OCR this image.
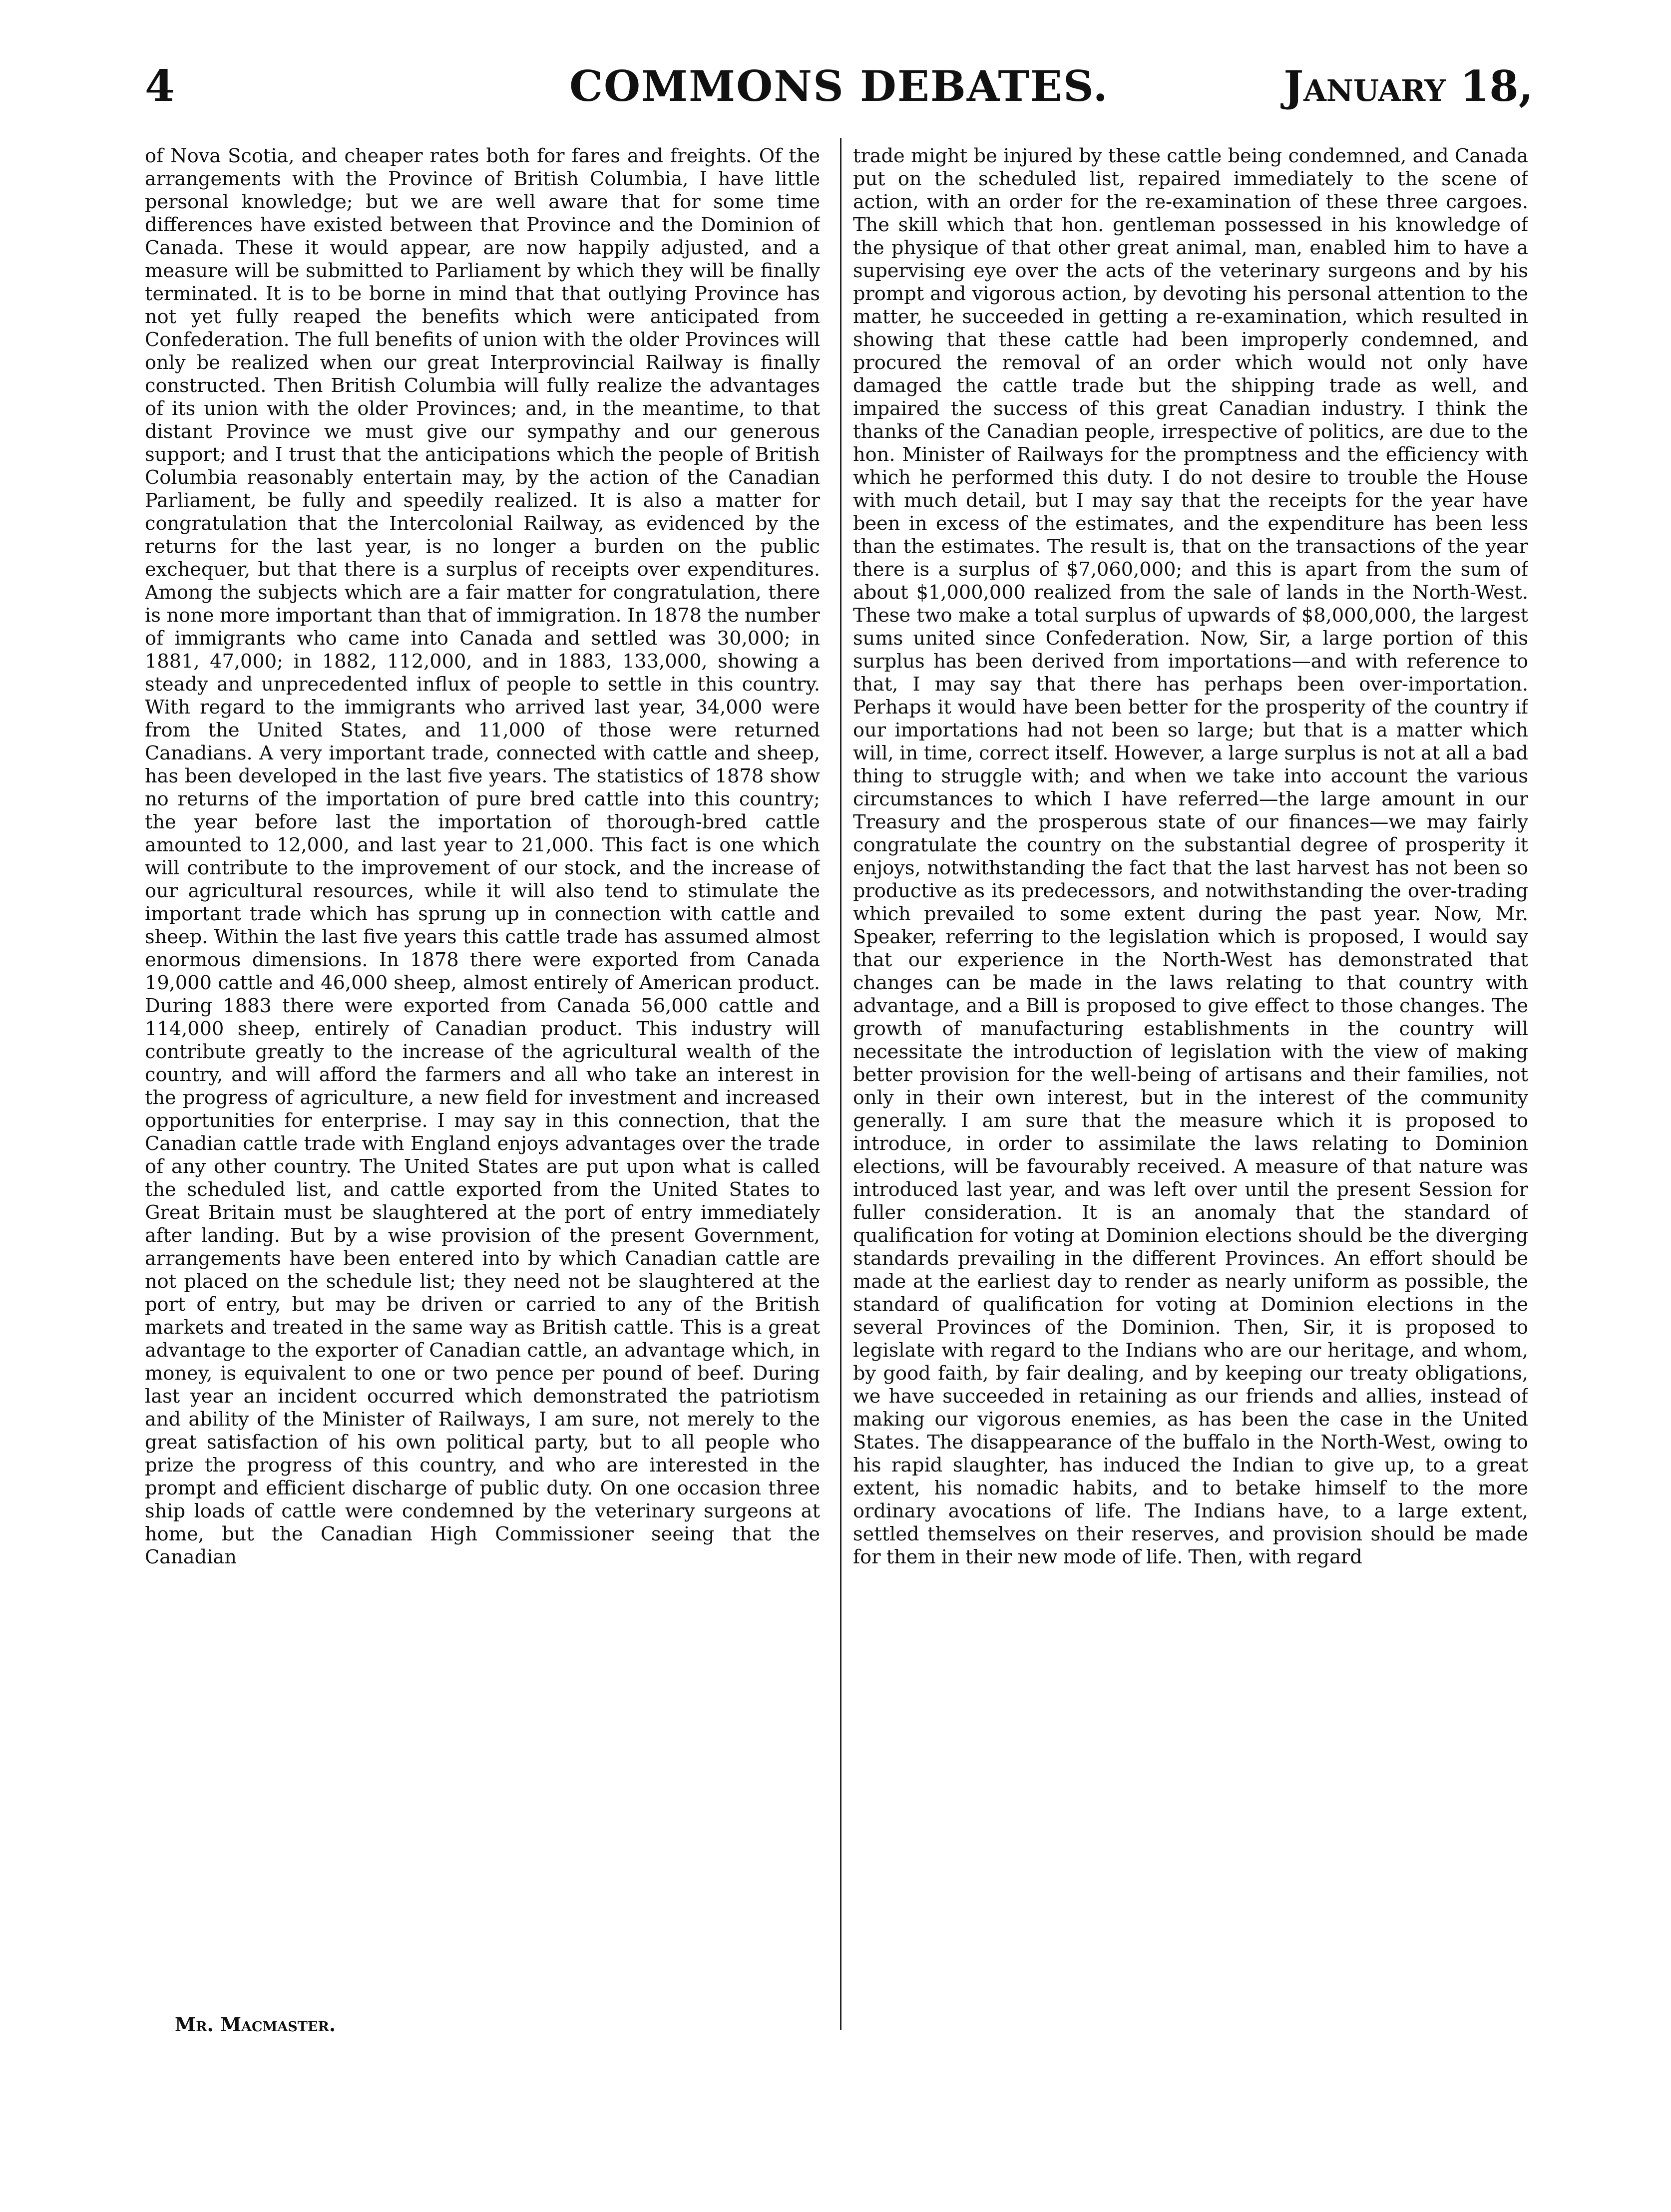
4	COMMONS DEBATES.	January 18,

of Nova Scotia, and cheaper rates both for fares and freights. Of the arrangements with the Province of British Columbia, I have little personal knowledge; but we are well aware that for some time differences have existed between that Province and the Dominion of Canada. These it would appear, are now happily adjusted, and a measure will be submitted to Parliament by which they will be finally terminated. It is to be borne in mind that that outlying Province has not yet fully reaped the benefits which were anticipated from Confederation. The full benefits of union with the older Provinces will only be realized when our great Interprovincial Railway is finally constructed. Then British Columbia will fully realize the advantages of its union with the older Provinces; and, in the meantime, to that distant Province we must give our sympathy and our generous support; and I trust that the anticipations which the people of British Columbia reasonably entertain may, by the action of the Canadian Parliament, be fully and speedily realized. It is also a matter for congratulation that the Intercolonial Railway, as evidenced by the returns for the last year, is no longer a burden on the public exchequer, but that there is a surplus of receipts over expenditures. Among the subjects which are a fair matter for congratulation, there is none more important than that of immigration. In 1878 the number of immigrants who came into Canada and settled was 30,000; in 1881, 47,000; in 1882, 112,000, and in 1883, 133,000, showing a steady and unprecedented influx of people to settle in this country. With regard to the immigrants who arrived last year, 34,000 were from the United States, and 11,000 of those were returned Canadians. A very important trade, connected with cattle and sheep, has been developed in the last five years. The statistics of 1878 show no returns of the importation of pure bred cattle into this country; the year before last the importation of thorough-bred cattle amounted to 12,000, and last year to 21,000. This fact is one which will contribute to the improvement of our stock, and the increase of our agricultural resources, while it will also tend to stimulate the important trade which has sprung up in connection with cattle and sheep. Within the last five years this cattle trade has assumed almost enormous dimensions. In 1878 there were exported from Canada 19,000 cattle and 46,000 sheep, almost entirely of American product. During 1883 there were exported from Canada 56,000 cattle and 114,000 sheep, entirely of Canadian product. This industry will contribute greatly to the increase of the agricultural wealth of the country, and will afford the farmers and all who take an interest in the progress of agriculture, a new field for investment and increased opportunities for enterprise. I may say in this connection, that the Canadian cattle trade with England enjoys advantages over the trade of any other country. The United States are put upon what is called the scheduled list, and cattle exported from the United States to Great Britain must be slaughtered at the port of entry immediately after landing. But by a wise provision of the present Government, arrangements have been entered into by which Canadian cattle are not placed on the schedule list; they need not be slaughtered at the port of entry, but may be driven or carried to any of the British markets and treated in the same way as British cattle. This is a great advantage to the exporter of Canadian cattle, an advantage which, in money, is equivalent to one or two pence per pound of beef. During last year an incident occurred which demonstrated the patriotism and ability of the Minister of Railways, I am sure, not merely to the great satisfaction of his own political party, but to all people who prize the progress of this country, and who are interested in the prompt and efficient discharge of public duty. On one occasion three ship loads of cattle were condemned by the veterinary surgeons at home, but the Canadian High Commissioner seeing that the Canadian

trade might be injured by these cattle being condemned, and Canada put on the scheduled list, repaired immediately to the scene of action, with an order for the re-examination of these three cargoes. The skill which that hon. gentleman possessed in his knowledge of the physique of that other great animal, man, enabled him to have a supervising eye over the acts of the veterinary surgeons and by his prompt and vigorous action, by devoting his personal attention to the matter, he succeeded in getting a re-examination, which resulted in showing that these cattle had been improperly condemned, and procured the removal of an order which would not only have damaged the cattle trade but the shipping trade as well, and impaired the success of this great Canadian industry. I think the thanks of the Canadian people, irrespective of politics, are due to the hon. Minister of Railways for the promptness and the efficiency with which he performed this duty. I do not desire to trouble the House with much detail, but I may say that the receipts for the year have been in excess of the estimates, and the expenditure has been less than the estimates. The result is, that on the transactions of the year there is a surplus of $7,060,000; and this is apart from the sum of about $1,000,000 realized from the sale of lands in the North-West. These two make a total surplus of upwards of $8,000,000, the largest sums united since Confederation. Now, Sir, a large portion of this surplus has been derived from importations—and with reference to that, I may say that there has perhaps been over-importation. Perhaps it would have been better for the prosperity of the country if our importations had not been so large; but that is a matter which will, in time, correct itself. However, a large surplus is not at all a bad thing to struggle with; and when we take into account the various circumstances to which I have referred—the large amount in our Treasury and the prosperous state of our finances—we may fairly congratulate the country on the substantial degree of prosperity it enjoys, notwithstanding the fact that the last harvest has not been so productive as its predecessors, and notwithstanding the over-trading which prevailed to some extent during the past year. Now, Mr. Speaker, referring to the legislation which is proposed, I would say that our experience in the North-West has demonstrated that changes can be made in the laws relating to that country with advantage, and a Bill is proposed to give effect to those changes. The growth of manufacturing establishments in the country will necessitate the introduction of legislation with the view of making better provision for the well-being of artisans and their families, not only in their own interest, but in the interest of the community generally. I am sure that the measure which it is proposed to introduce, in order to assimilate the laws relating to Dominion elections, will be favourably received. A measure of that nature was introduced last year, and was left over until the present Session for fuller consideration. It is an anomaly that the standard of qualification for voting at Dominion elections should be the diverging standards prevailing in the different Provinces. An effort should be made at the earliest day to render as nearly uniform as possible, the standard of qualification for voting at Dominion elections in the several Provinces of the Dominion. Then, Sir, it is proposed to legislate with regard to the Indians who are our heritage, and whom, by good faith, by fair dealing, and by keeping our treaty obligations, we have succeeded in retaining as our friends and allies, instead of making our vigorous enemies, as has been the case in the United States. The disappearance of the buffalo in the North-West, owing to his rapid slaughter, has induced the Indian to give up, to a great extent, his nomadic habits, and to betake himself to the more ordinary avocations of life. The Indians have, to a large extent, settled themselves on their reserves, and provision should be made for them in their new mode of life. Then, with regard

Mr. Macmaster.
